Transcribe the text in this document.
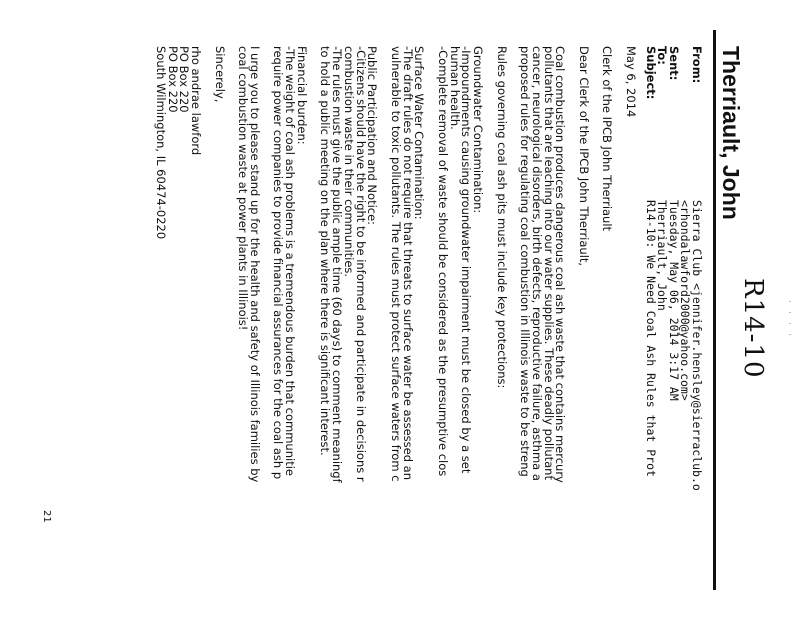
· · · ·
R14-10
Therriault, John
21
From:
Sierra Club <jennifer.hensley@sierraclub.o
<rhondalawford2000@yahoo.com>
Sent:
Tuesday, May 06, 2014 3:17 AM
To:
Therriault, John
Subject:
R14-10: We Need Coal Ash Rules that Prot
May 6, 2014
Clerk of the IPCB John Therriault
Dear Clerk of the IPCB John Therriault,
Coal combustion produces dangerous coal ash waste that contains mercury
pollutants that are leaching into our water supplies. These deadly pollutant
cancer, neurological disorders, birth defects, reproductive failure, asthma a
proposed rules for regulating coal combustion in Illinois waste to be streng
Rules governing coal ash pits must include key protections:
Groundwater Contamination:
-Impoundments causing groundwater impairment must be closed by a set
human health.
-Complete removal of waste should be considered as the presumptive clos
Surface Water Contamination:
-The draft rules do not require that threats to surface water be assessed an
vulnerable to toxic pollutants. The rules must protect surface waters from c
Public Participation and Notice:
-Citizens should have the right to be informed and participate in decisions r
combustion waste in their communities.
-The rules must give the public ample time (60 days) to comment meaningf
to hold a public meeting on the plan where there is significant interest.
Financial burden:
-The weight of coal ash problems is a tremendous burden that communitie
require power companies to provide financial assurances for the coal ash p
I urge you to please stand up for the health and safety of Illinois families by
coal combustion waste at power plants in Illinois!
Sincerely,
rho andrae lawford
PO Box 220
PO Box 220
South Wilmington, IL 60474-0220
